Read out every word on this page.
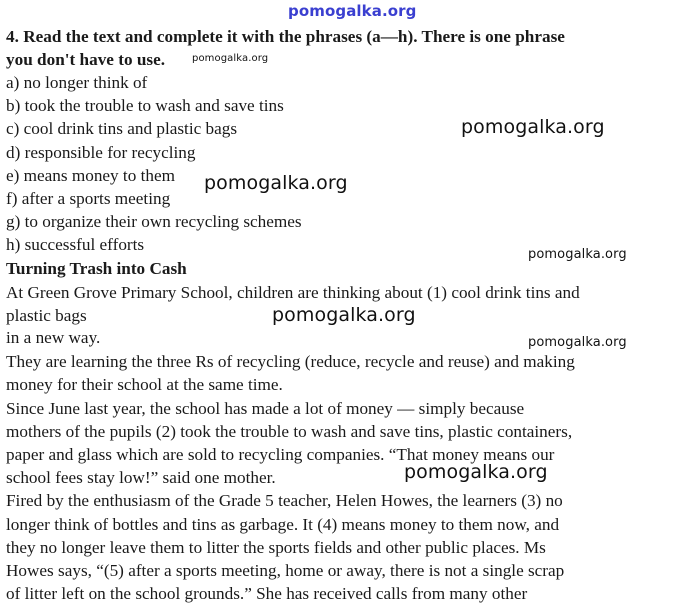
pomogalka.org
4. Read the text and complete it with the phrases (a—h). There is one phrase
you don't have to use.	pomogalka.org
a) no longer think of
b) took the trouble to wash and save tins
c) cool drink tins and plastic bags
d) responsible for recycling
e) means money to them
f) after a sports meeting
g) to organize their own recycling schemes
h) successful efforts
pomogalka.org
pomogalka.org
pomogalka.org
Turning Trash into Cash
At Green Grove Primary School, children are thinking about (1) cool drink tins and
plastic bags
in a new way.
They are learning the three Rs of recycling (reduce, recycle and reuse) and making
money for their school at the same time.
Since June last year, the school has made a lot of money — simply because
mothers of the pupils (2) took the trouble to wash and save tins, plastic containers,
paper and glass which are sold to recycling companies. “That money means our
school fees stay low!” said one mother.
Fired by the enthusiasm of the Grade 5 teacher, Helen Howes, the learners (3) no
longer think of bottles and tins as garbage. It (4) means money to them now, and
they no longer leave them to litter the sports fields and other public places. Ms
Howes says, “(5) after a sports meeting, home or away, there is not a single scrap
of litter left on the school grounds.” She has received calls from many other
pomogalka.org
pomogalka.org
pomogalka.org
